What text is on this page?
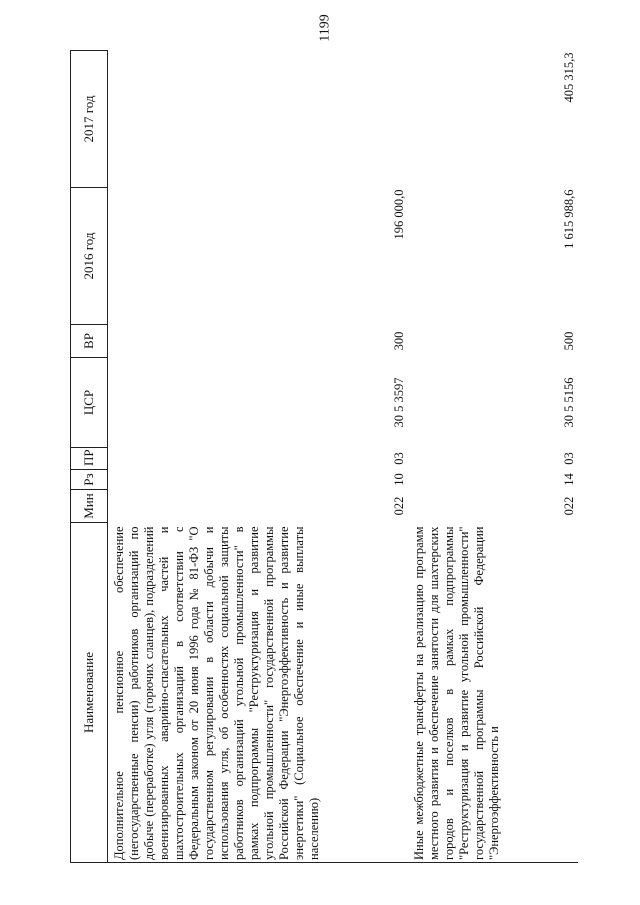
1199
Наименование	Мин	Рз	ПР	ЦСР	ВР	2016 год	2017 год
Дополнительное пенсионное обеспечение (негосударственные пенсии) работников организаций по добыче (переработке) угля (горючих сланцев), подразделений военизированных аварийно-спасательных частей и шахтостроительных организаций в соответствии с Федеральным законом от 20 июня 1996 года № 81-ФЗ "О государственном регулировании в области добычи и использования угля, об особенностях социальной защиты работников организаций угольной промышленности" в рамках подпрограммы "Реструктуризация и развитие угольной промышленности" государственной программы Российской Федерации "Энергоэффективность и развитие энергетики" (Социальное обеспечение и иные выплаты населению)	022	10	03	30 5 3597	300	196 000,0	
Иные межбюджетные трансферты на реализацию программ местного развития и обеспечение занятости для шахтерских городов и поселков в рамках подпрограммы "Реструктуризация и развитие угольной промышленности" государственной программы Российской Федерации "Энергоэффективность и	022	14	03	30 5 5156	500	1 615 988,6	405 315,3
